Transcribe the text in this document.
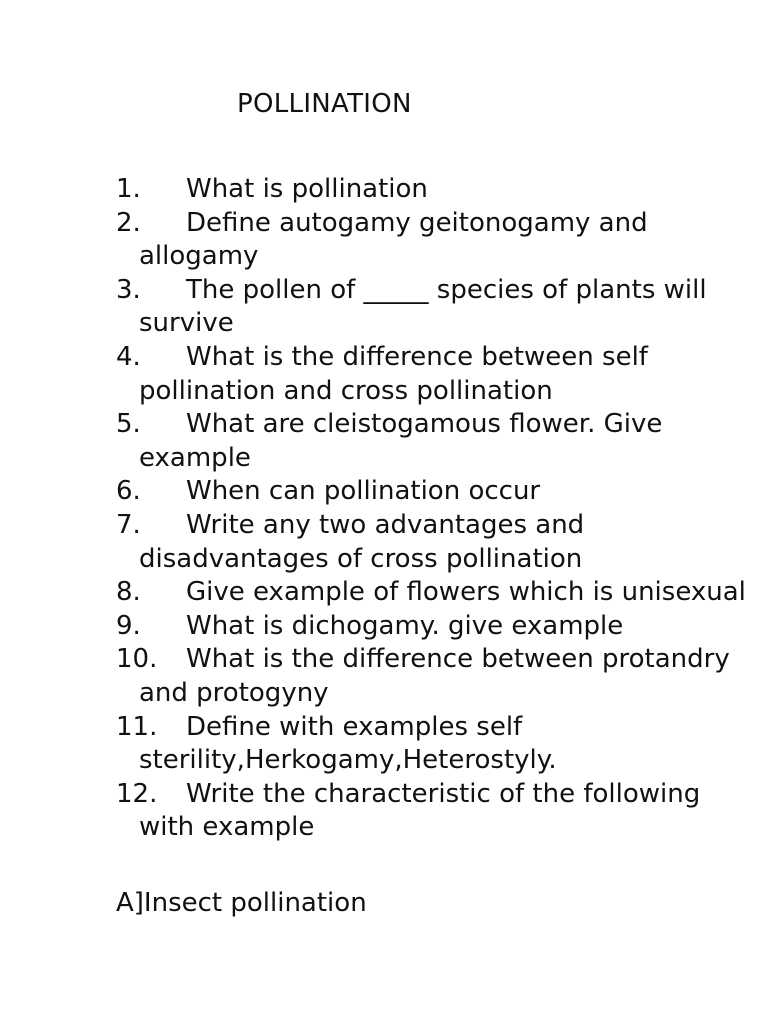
POLLINATION
1.	What is pollination
2.	Define autogamy geitonogamy and allogamy
3.	The pollen of _____ species of plants will survive
4.	What is the difference between self pollination and cross pollination
5.	What are cleistogamous flower. Give example
6.	When can pollination occur
7.	Write any two advantages and disadvantages of cross pollination
8.	Give example of flowers which is unisexual
9.	What is dichogamy. give example
10.	What is the difference between protandry and protogyny
11.	Define with examples self sterility,Herkogamy,Heterostyly.
12.	Write the characteristic of the following with example

A]Insect pollination
